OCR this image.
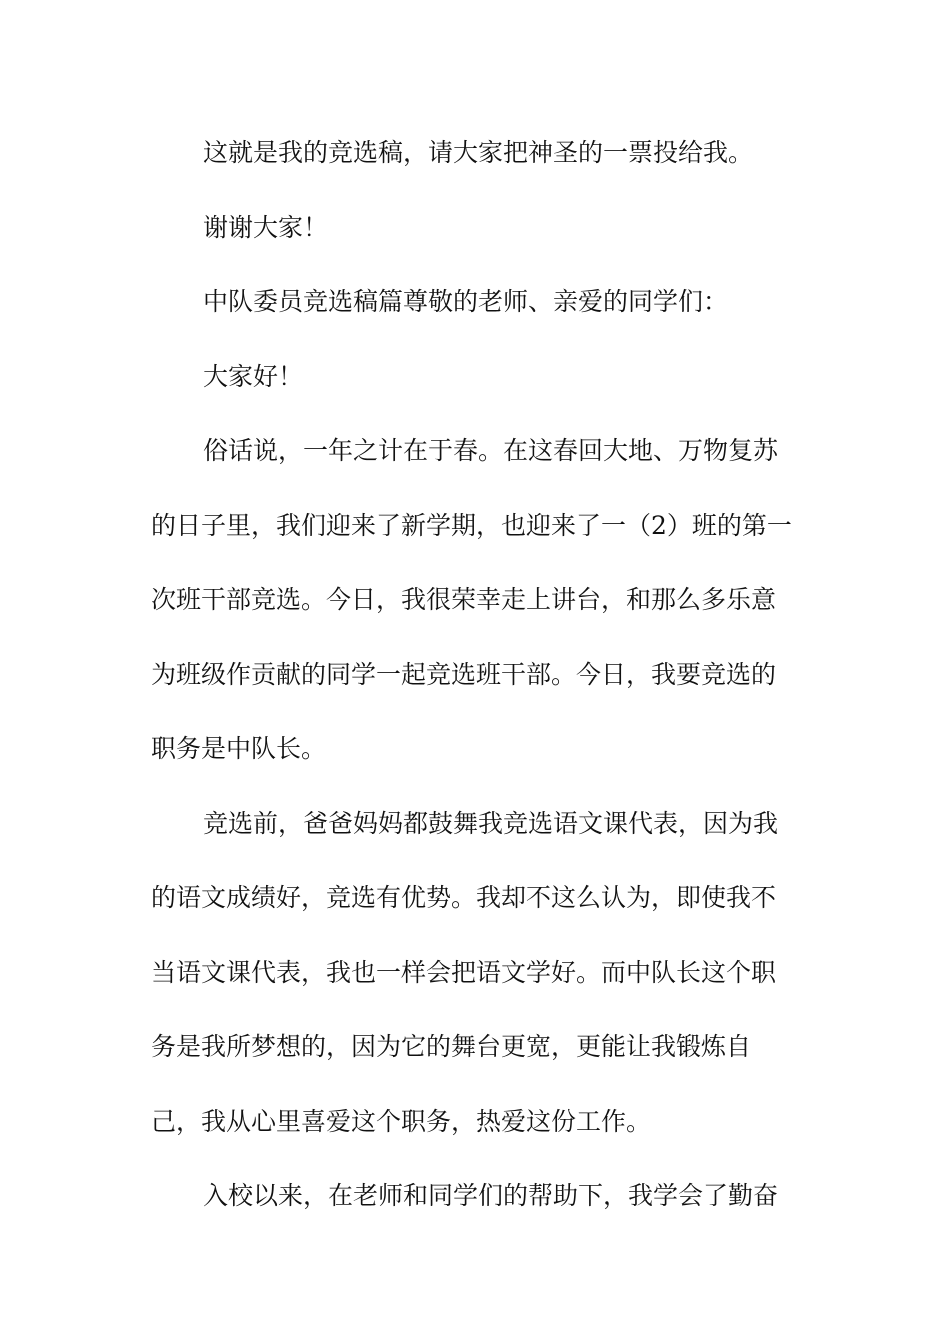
这就是我的竞选稿，请大家把神圣的一票投给我。
谢谢大家！
中队委员竞选稿篇尊敬的老师、亲爱的同学们：
大家好！
俗话说，一年之计在于春。在这春回大地、万物复苏
的日子里，我们迎来了新学期，也迎来了一（2）班的第一
次班干部竞选。今日，我很荣幸走上讲台，和那么多乐意
为班级作贡献的同学一起竞选班干部。今日，我要竞选的
职务是中队长。
竞选前，爸爸妈妈都鼓舞我竞选语文课代表，因为我
的语文成绩好，竞选有优势。我却不这么认为，即使我不
当语文课代表，我也一样会把语文学好。而中队长这个职
务是我所梦想的，因为它的舞台更宽，更能让我锻炼自
己，我从心里喜爱这个职务，热爱这份工作。
入校以来，在老师和同学们的帮助下，我学会了勤奋
